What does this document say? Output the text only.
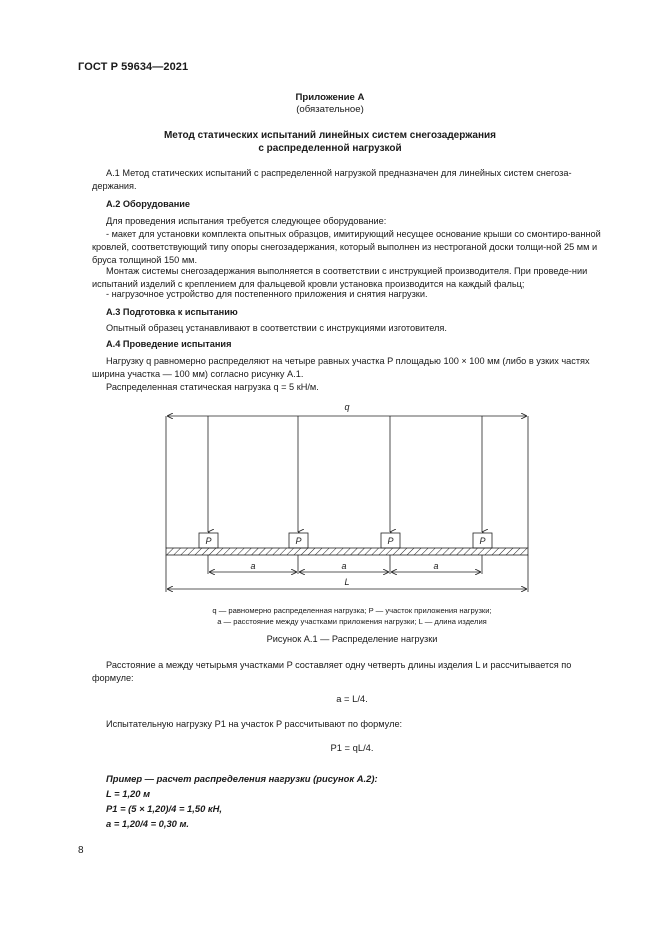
ГОСТ Р 59634—2021
Приложение А
(обязательное)
Метод статических испытаний линейных систем снегозадержания
с распределенной нагрузкой
А.1 Метод статических испытаний с распределенной нагрузкой предназначен для линейных систем снегоза-держания.
А.2 Оборудование
Для проведения испытания требуется следующее оборудование:
- макет для установки комплекта опытных образцов, имитирующий несущее основание крыши со смонтиро-ванной кровлей, соответствующий типу опоры снегозадержания, который выполнен из нестроганой доски толщи-ной 25 мм и бруса толщиной 150 мм.
Монтаж системы снегозадержания выполняется в соответствии с инструкцией производителя. При проведе-нии испытаний изделий с креплением для фальцевой кровли установка производится на каждый фальц;
- нагрузочное устройство для постепенного приложения и снятия нагрузки.
А.3 Подготовка к испытанию
Опытный образец устанавливают в соответствии с инструкциями изготовителя.
А.4 Проведение испытания
Нагрузку q равномерно распределяют на четыре равных участка P площадью 100 × 100 мм (либо в узких частях ширина участка — 100 мм) согласно рисунку А.1.
Распределенная статическая нагрузка q = 5 кН/м.
q
P	P	P	P
a	a	a
L
q — равномерно распределенная нагрузка; P — участок приложения нагрузки;
a — расстояние между участками приложения нагрузки; L — длина изделия
Рисунок А.1 — Распределение нагрузки
Расстояние a между четырьмя участками P составляет одну четверть длины изделия L и рассчитывается по формуле:
a = L/4.
Испытательную нагрузку P1 на участок P рассчитывают по формуле:
P1 = qL/4.
Пример — расчет распределения нагрузки (рисунок А.2):
L = 1,20 м
P1 = (5 × 1,20)/4 = 1,50 кН,
a = 1,20/4 = 0,30 м.
8
